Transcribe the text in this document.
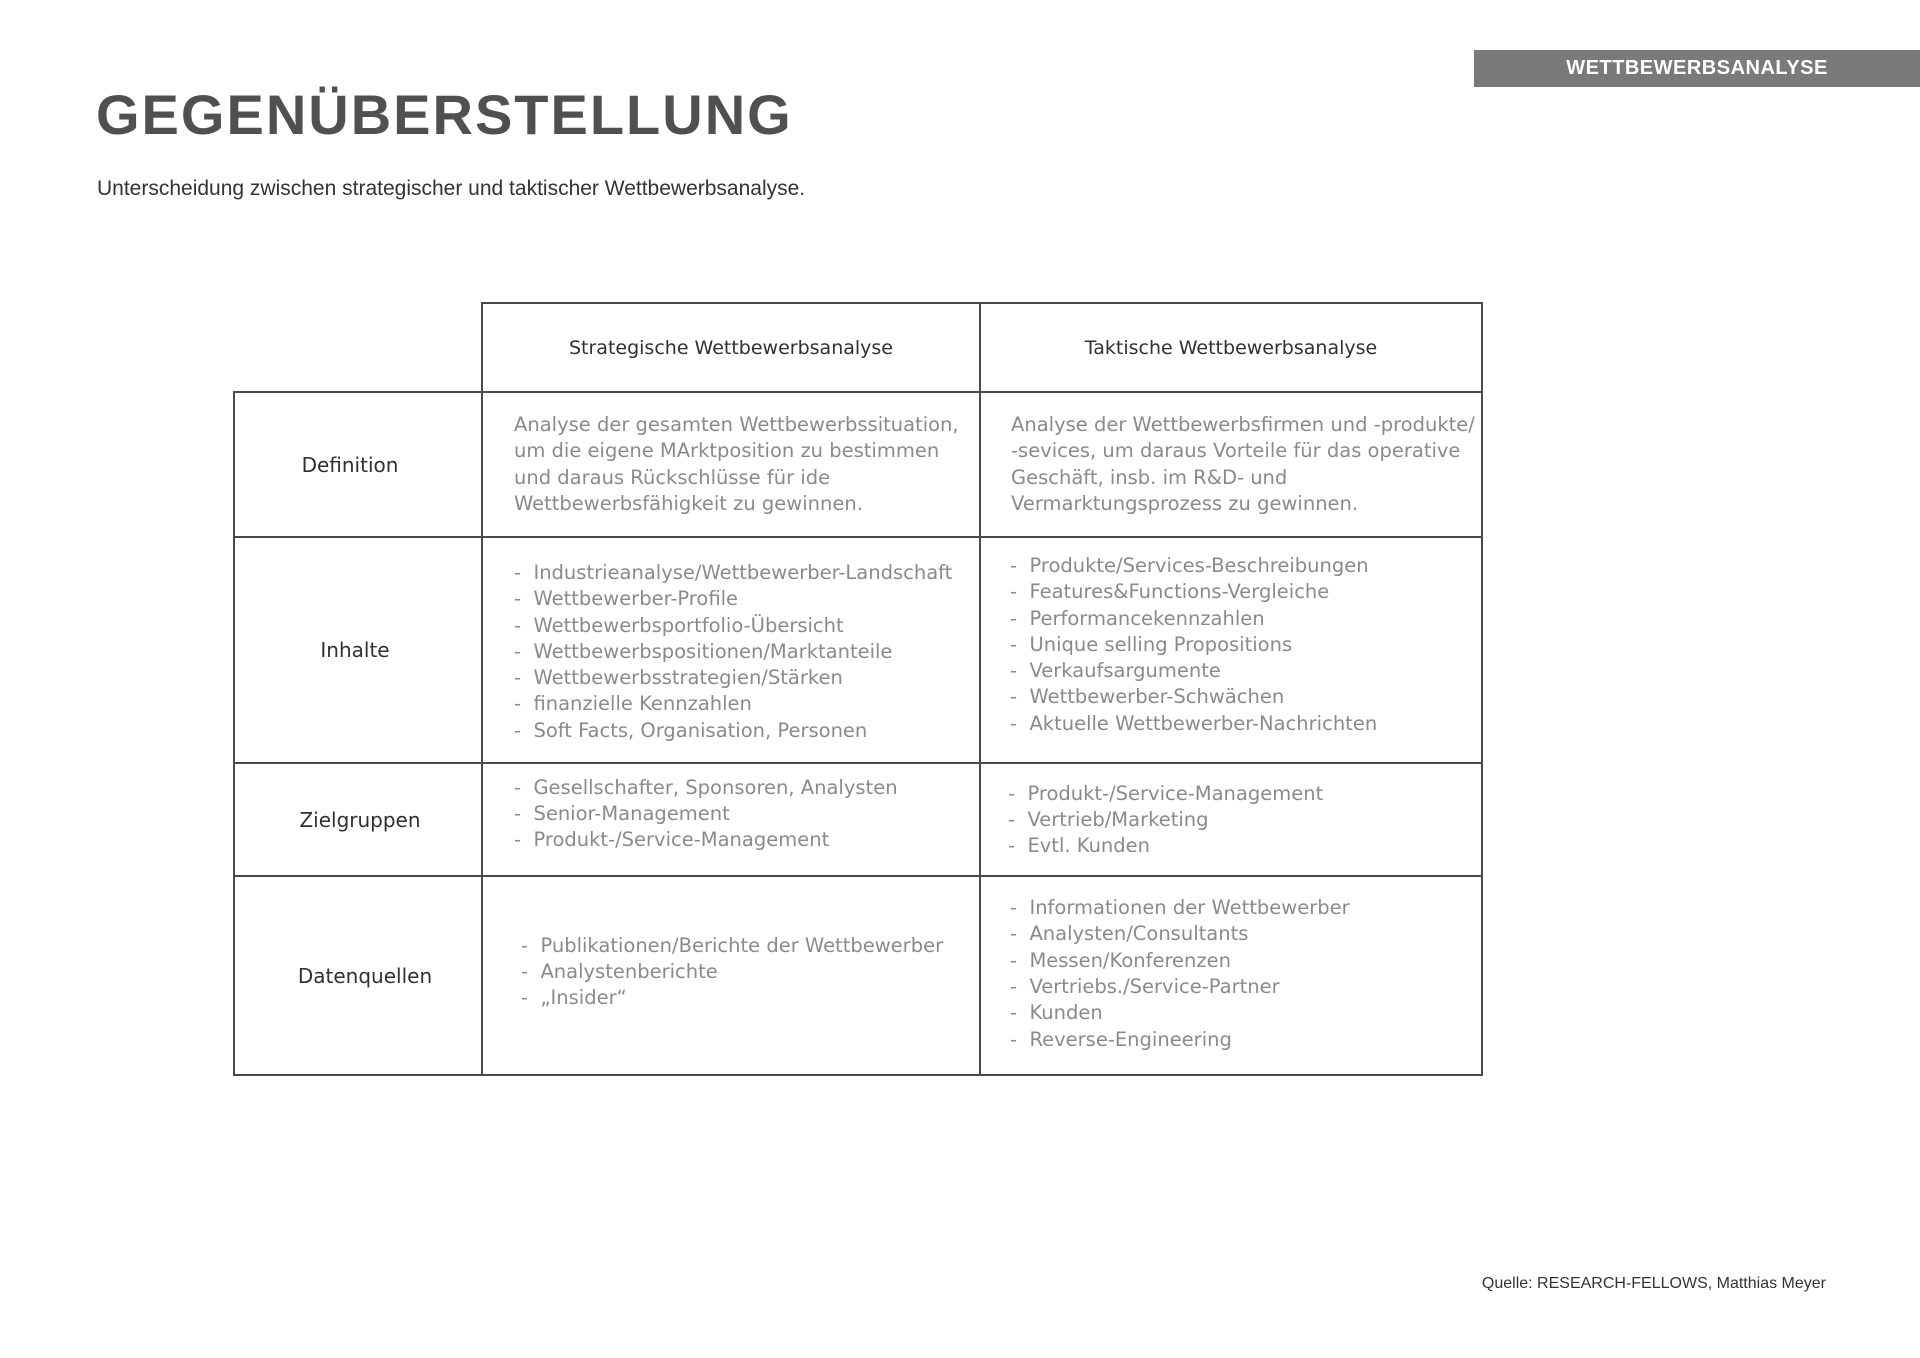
WETTBEWERBSANALYSE
GEGENÜBERSTELLUNG
Unterscheidung zwischen strategischer und taktischer Wettbewerbsanalyse.
Strategische Wettbewerbsanalyse	Taktische Wettbewerbsanalyse
Definition
Analyse der gesamten Wettbewerbssituation, um die eigene MArktposition zu bestimmen und daraus Rückschlüsse für ide Wettbewerbsfähigkeit zu gewinnen.
Analyse der Wettbewerbsfirmen und -produkte/ -sevices, um daraus Vorteile für das operative Geschäft, insb. im R&D- und Vermarktungsprozess zu gewinnen.
Inhalte
- Industrieanalyse/Wettbewerber-Landschaft
- Wettbewerber-Profile
- Wettbewerbsportfolio-Übersicht
- Wettbewerbspositionen/Marktanteile
- Wettbewerbsstrategien/Stärken
- finanzielle Kennzahlen
- Soft Facts, Organisation, Personen
- Produkte/Services-Beschreibungen
- Features&Functions-Vergleiche
- Performancekennzahlen
- Unique selling Propositions
- Verkaufsargumente
- Wettbewerber-Schwächen
- Aktuelle Wettbewerber-Nachrichten
Zielgruppen
- Gesellschafter, Sponsoren, Analysten
- Senior-Management
- Produkt-/Service-Management
- Produkt-/Service-Management
- Vertrieb/Marketing
- Evtl. Kunden
Datenquellen
- Publikationen/Berichte der Wettbewerber
- Analystenberichte
- „Insider“
- Informationen der Wettbewerber
- Analysten/Consultants
- Messen/Konferenzen
- Vertriebs./Service-Partner
- Kunden
- Reverse-Engineering
Quelle: RESEARCH-FELLOWS, Matthias Meyer
